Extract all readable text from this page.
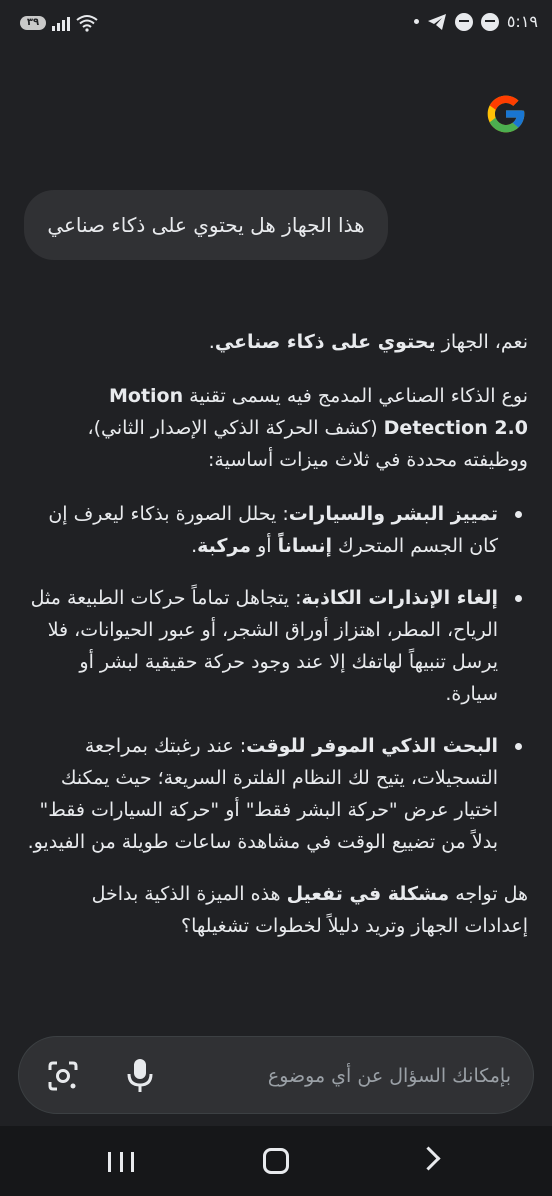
٣٩	٥:١٩
هذا الجهاز هل يحتوي على ذكاء صناعي

نعم، الجهاز يحتوي على ذكاء صناعي.

نوع الذكاء الصناعي المدمج فيه يسمى تقنية Motion Detection 2.0 (كشف الحركة الذكي الإصدار الثاني)، ووظيفته محددة في ثلاث ميزات أساسية:

تمييز البشر والسيارات: يحلل الصورة بذكاء ليعرف إن كان الجسم المتحرك إنساناً أو مركبة.
إلغاء الإنذارات الكاذبة: يتجاهل تماماً حركات الطبيعة مثل الرياح، المطر، اهتزاز أوراق الشجر، أو عبور الحيوانات، فلا يرسل تنبيهاً لهاتفك إلا عند وجود حركة حقيقية لبشر أو سيارة.
البحث الذكي الموفر للوقت: عند رغبتك بمراجعة التسجيلات، يتيح لك النظام الفلترة السريعة؛ حيث يمكنك اختيار عرض "حركة البشر فقط" أو "حركة السيارات فقط" بدلاً من تضييع الوقت في مشاهدة ساعات طويلة من الفيديو.

هل تواجه مشكلة في تفعيل هذه الميزة الذكية بداخل إعدادات الجهاز وتريد دليلاً لخطوات تشغيلها؟

بإمكانك السؤال عن أي موضوع
